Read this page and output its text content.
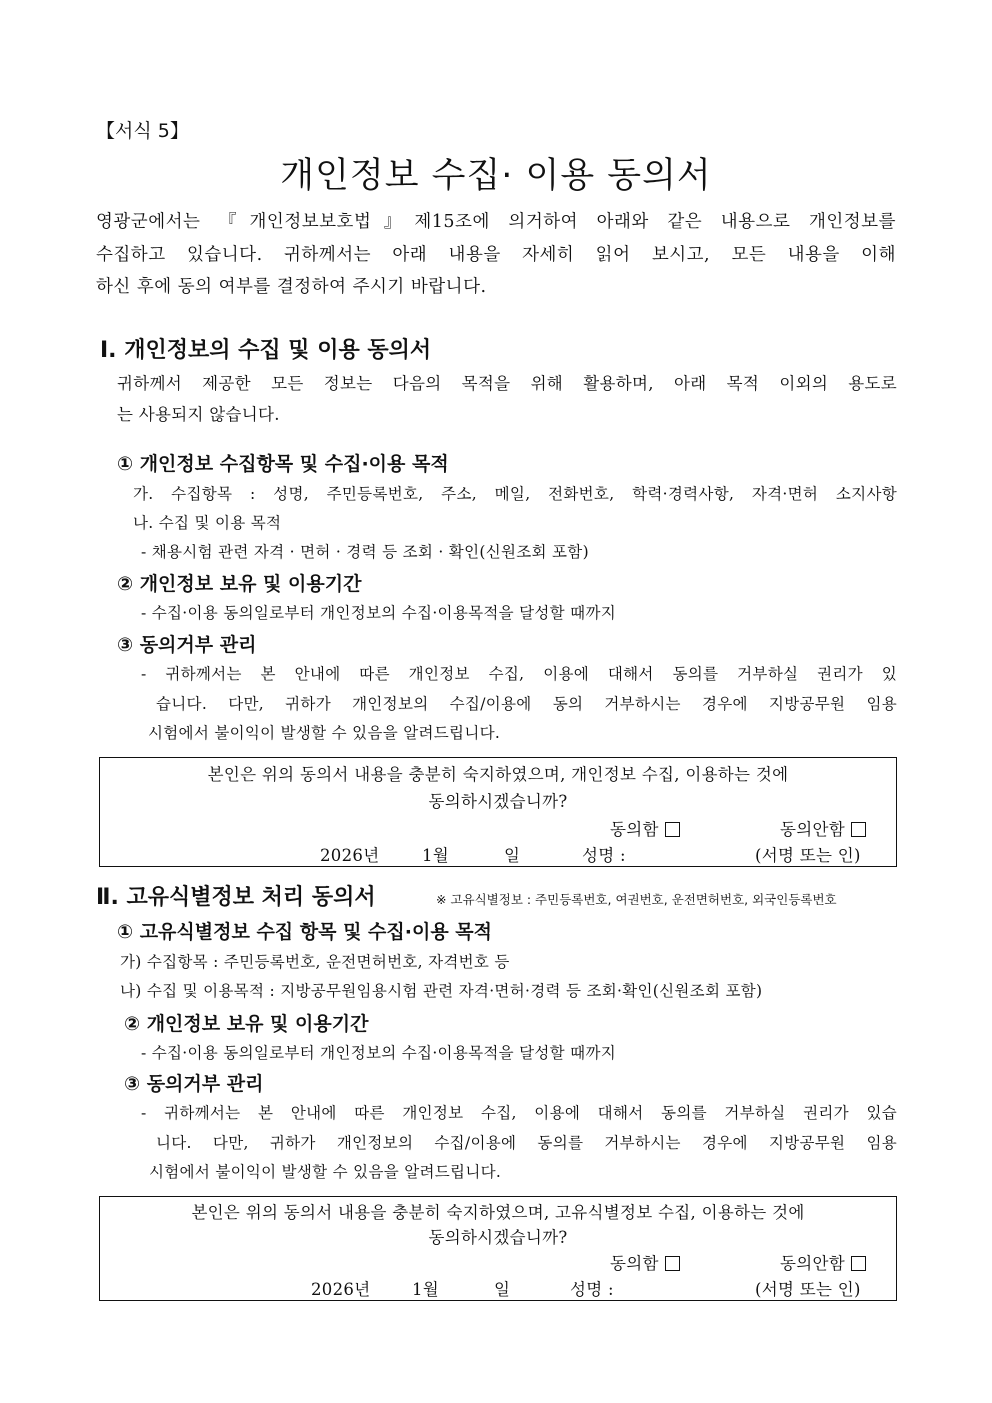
【서식 5】
개인정보 수집· 이용 동의서
영광군에서는 『개인정보보호법』제15조에 의거하여 아래와 같은 내용으로 개인정보를
수집하고 있습니다. 귀하께서는 아래 내용을 자세히 읽어 보시고, 모든 내용을 이해
하신 후에 동의 여부를 결정하여 주시기 바랍니다.
Ⅰ. 개인정보의 수집 및 이용 동의서
귀하께서 제공한 모든 정보는 다음의 목적을 위해 활용하며, 아래 목적 이외의 용도로
는 사용되지 않습니다.
① 개인정보 수집항목 및 수집·이용 목적
가. 수집항목 : 성명, 주민등록번호, 주소, 메일, 전화번호, 학력·경력사항, 자격·면허 소지사항
나. 수집 및 이용 목적
- 채용시험 관련 자격 · 면허 · 경력 등 조회 · 확인(신원조회 포함)
② 개인정보 보유 및 이용기간
- 수집·이용 동의일로부터 개인정보의 수집·이용목적을 달성할 때까지
③ 동의거부 관리
- 귀하께서는 본 안내에 따른 개인정보 수집, 이용에 대해서 동의를 거부하실 권리가 있
습니다. 다만, 귀하가 개인정보의 수집/이용에 동의 거부하시는 경우에 지방공무원 임용
시험에서 불이익이 발생할 수 있음을 알려드립니다.
본인은 위의 동의서 내용을 충분히 숙지하였으며, 개인정보 수집, 이용하는 것에
동의하시겠습니까?
동의함	동의안함
2026년	1월	일	성명 :	(서명 또는 인)
Ⅱ. 고유식별정보 처리 동의서	※ 고유식별정보 : 주민등록번호, 여권번호, 운전면허번호, 외국인등록번호
① 고유식별정보 수집 항목 및 수집·이용 목적
가) 수집항목 : 주민등록번호, 운전면허번호, 자격번호 등
나) 수집 및 이용목적 : 지방공무원임용시험 관련 자격·면허·경력 등 조회·확인(신원조회 포함)
② 개인정보 보유 및 이용기간
- 수집·이용 동의일로부터 개인정보의 수집·이용목적을 달성할 때까지
③ 동의거부 관리
- 귀하께서는 본 안내에 따른 개인정보 수집, 이용에 대해서 동의를 거부하실 권리가 있습
니다. 다만, 귀하가 개인정보의 수집/이용에 동의를 거부하시는 경우에 지방공무원 임용
시험에서 불이익이 발생할 수 있음을 알려드립니다.
본인은 위의 동의서 내용을 충분히 숙지하였으며, 고유식별정보 수집, 이용하는 것에
동의하시겠습니까?
동의함	동의안함
2026년	1월	일	성명 :	(서명 또는 인)
